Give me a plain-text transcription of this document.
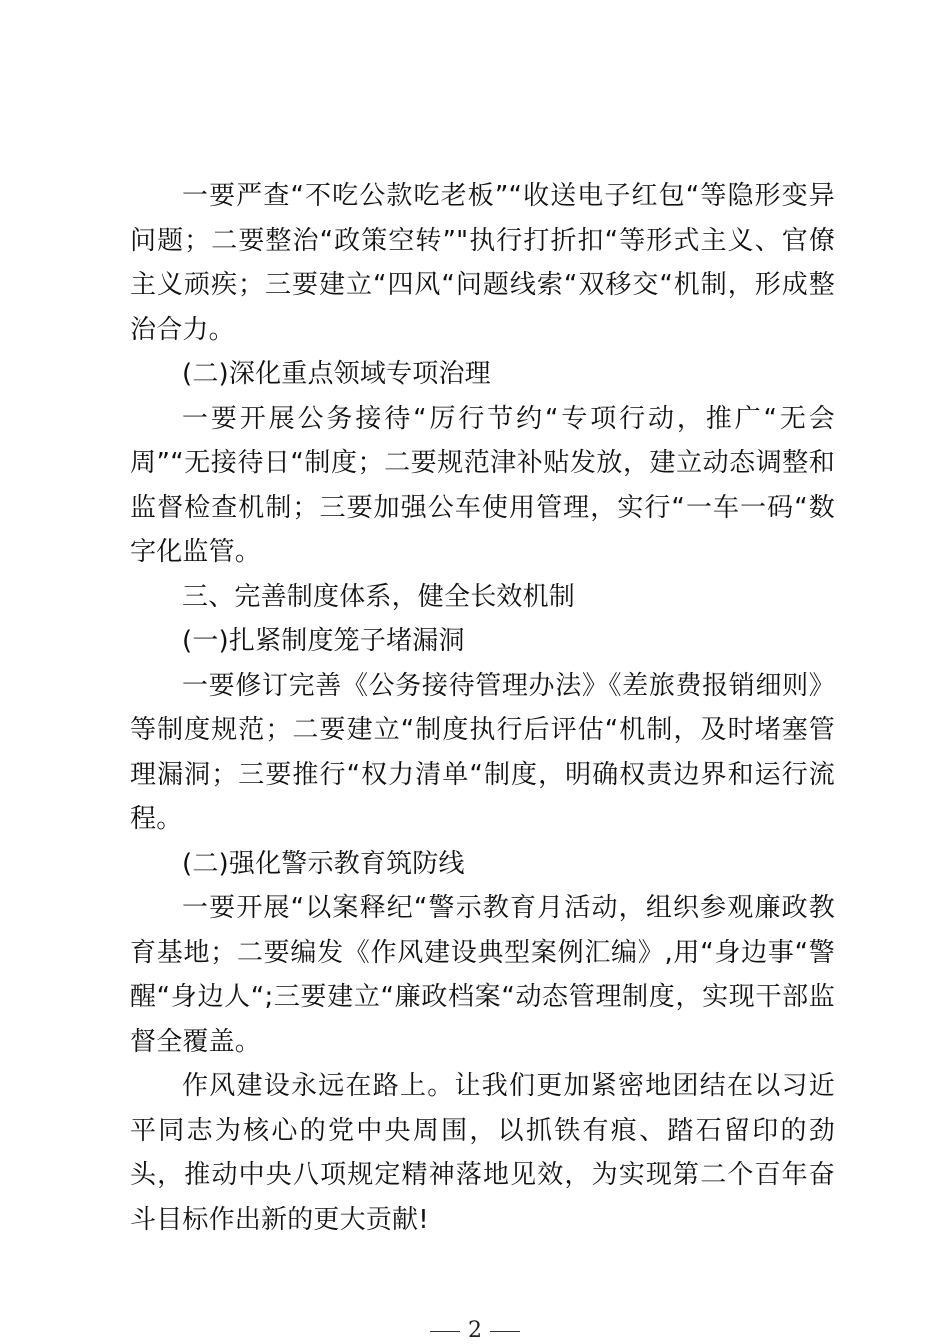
一要严查“不吃公款吃老板”“收送电子红包“等隐形变异问题；二要整治“政策空转”"执行打折扣“等形式主义、官僚主义顽疾；三要建立“四风“问题线索“双移交“机制，形成整治合力。

(二)深化重点领域专项治理

一要开展公务接待“厉行节约“专项行动，推广“无会周”“无接待日“制度；二要规范津补贴发放，建立动态调整和监督检查机制；三要加强公车使用管理，实行“一车一码“数字化监管。

三、完善制度体系，健全长效机制

(一)扎紧制度笼子堵漏洞

一要修订完善《公务接待管理办法》《差旅费报销细则》等制度规范；二要建立“制度执行后评估“机制，及时堵塞管理漏洞；三要推行“权力清单“制度，明确权责边界和运行流程。

(二)强化警示教育筑防线

一要开展“以案释纪“警示教育月活动，组织参观廉政教育基地；二要编发《作风建设典型案例汇编》,用“身边事“警醒“身边人“;三要建立“廉政档案“动态管理制度，实现干部监督全覆盖。

作风建设永远在路上。让我们更加紧密地团结在以习近平同志为核心的党中央周围，以抓铁有痕、踏石留印的劲头，推动中央八项规定精神落地见效，为实现第二个百年奋斗目标作出新的更大贡献!

2
